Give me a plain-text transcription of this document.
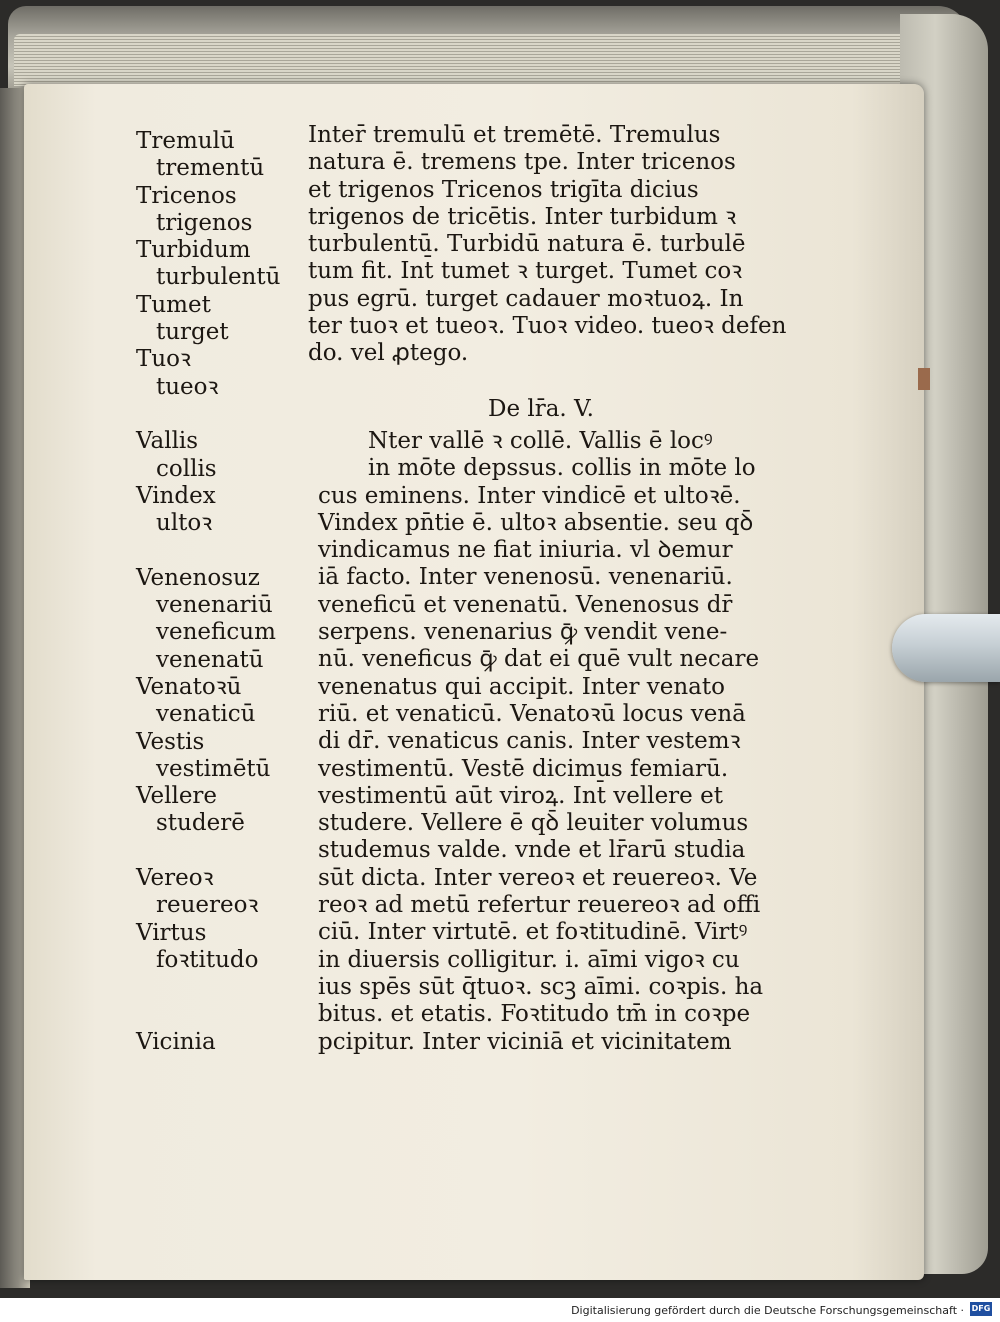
Tremulū
trementū
Tricenos
trigenos
Turbidum
turbulentū
Tumet
turget
Tuoꝛ
tueoꝛ
Vallis
collis
Vindex
ultoꝛ
Venenosuz
venenariū
veneficum
venenatū
Venatoꝛū
venaticū
Vestis
vestimētū
Vellere
studerē
Vereoꝛ
reuereoꝛ
Virtus
foꝛtitudo
Vicinia
Inter̄ tremulū et tremētē. Tremulus
natura ē. tremens tpe. Inter tricenos
et trigenos Tricenos trigīta dicius
trigenos de tricētis. Inter turbidum ꝛ
turbulentū. Turbidū natura ē. turbulē
tum fit. Int̄ tumet ꝛ turget. Tumet coꝛ
pus egrū. turget cadauer moꝛtuoꝝ. In
ter tuoꝛ et tueoꝛ. Tuoꝛ video. tueoꝛ defen
do. vel ꝓtego.
De lr̄a. V.
Nter vallē ꝛ collē. Vallis ē locꝰ
in mōte depssus. collis in mōte lo
cus eminens. Inter vindicē et ultoꝛē.
Vindex pn̄tie ē. ultoꝛ absentie. seu qꝺ̄
vindicamus ne fiat iniuria. vl ꝺemur
iā facto. Inter venenosū. venenariū.
veneficū et venenatū. Venenosus dr̄
serpens. venenarius ꝙ̄ vendit vene-
nū. veneficus ꝙ̄ dat ei quē vult necare
venenatus qui accipit. Inter venato
riū. et venaticū. Venatoꝛū locus venā
di dr̄. venaticus canis. Inter vestemꝛ
vestimentū. Vestē dicimus femiarū.
vestimentū aūt viroꝝ. Int̄ vellere et
studere. Vellere ē qꝺ̄ leuiter volumus
studemus valde. vnde et lr̄arū studia
sūt dicta. Inter vereoꝛ et reuereoꝛ. Ve
reoꝛ ad metū refertur reuereoꝛ ad offi
ciū. Inter virtutē. et foꝛtitudinē. Virtꝰ
in diuersis colligitur. i. aīmi vigoꝛ cu
ius spēs sūt q̄tuoꝛ. scꝫ aīmi. coꝛpis. ha
bitus. et etatis. Foꝛtitudo tm̄ in coꝛpe
pcipitur. Inter viciniā et vicinitatem
Digitalisierung gefördert durch die Deutsche Forschungsgemeinschaft · DFG
